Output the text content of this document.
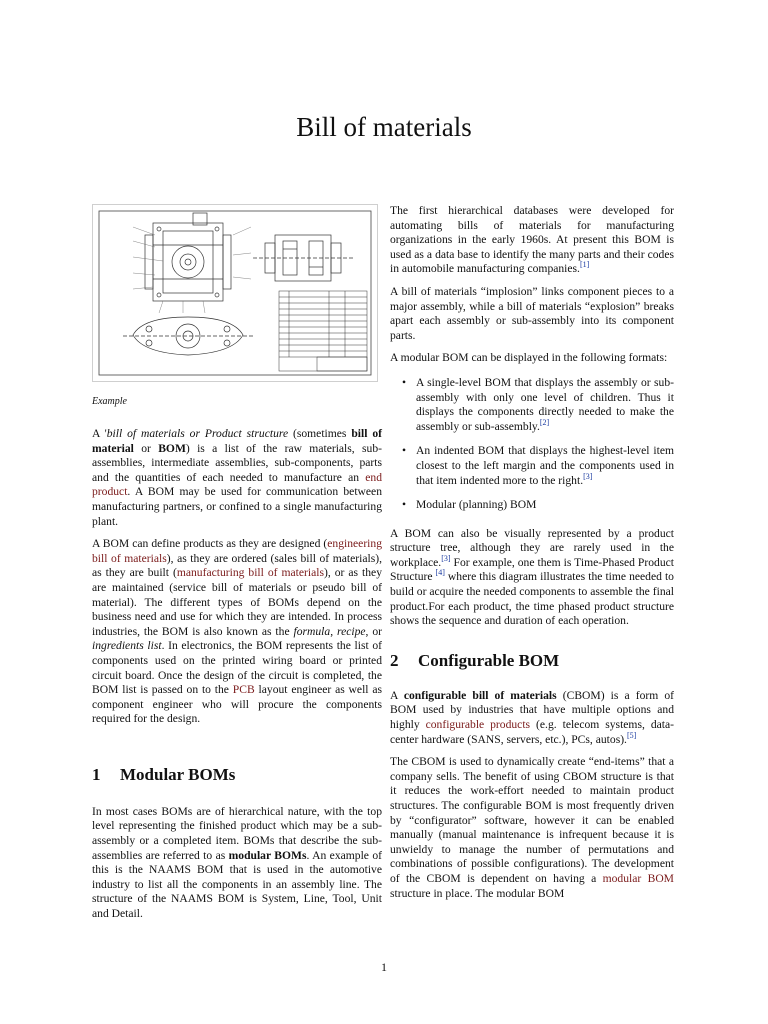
Bill of materials
Example

A 'bill of materials or Product structure (sometimes bill of material or BOM) is a list of the raw materials, sub-assemblies, intermediate assemblies, sub-components, parts and the quantities of each needed to manufacture an end product. A BOM may be used for communication between manufacturing partners, or confined to a single manufacturing plant.

A BOM can define products as they are designed (engineering bill of materials), as they are ordered (sales bill of materials), as they are built (manufacturing bill of materials), or as they are maintained (service bill of materials or pseudo bill of material). The different types of BOMs depend on the business need and use for which they are intended. In process industries, the BOM is also known as the formula, recipe, or ingredients list. In electronics, the BOM represents the list of components used on the printed wiring board or printed circuit board. Once the design of the circuit is completed, the BOM list is passed on to the PCB layout engineer as well as component engineer who will procure the components required for the design.

1 Modular BOMs

In most cases BOMs are of hierarchical nature, with the top level representing the finished product which may be a sub-assembly or a completed item. BOMs that describe the sub-assemblies are referred to as modular BOMs. An example of this is the NAAMS BOM that is used in the automotive industry to list all the components in an assembly line. The structure of the NAAMS BOM is System, Line, Tool, Unit and Detail.

The first hierarchical databases were developed for automating bills of materials for manufacturing organizations in the early 1960s. At present this BOM is used as a data base to identify the many parts and their codes in automobile manufacturing companies.[1]

A bill of materials “implosion” links component pieces to a major assembly, while a bill of materials “explosion” breaks apart each assembly or sub-assembly into its component parts.

A modular BOM can be displayed in the following formats:

• A single-level BOM that displays the assembly or sub-assembly with only one level of children. Thus it displays the components directly needed to make the assembly or sub-assembly.[2]
• An indented BOM that displays the highest-level item closest to the left margin and the components used in that item indented more to the right.[3]
• Modular (planning) BOM

A BOM can also be visually represented by a product structure tree, although they are rarely used in the workplace.[3] For example, one them is Time-Phased Product Structure [4] where this diagram illustrates the time needed to build or acquire the needed components to assemble the final product.For each product, the time phased product structure shows the sequence and duration of each operation.

2 Configurable BOM

A configurable bill of materials (CBOM) is a form of BOM used by industries that have multiple options and highly configurable products (e.g. telecom systems, data-center hardware (SANS, servers, etc.), PCs, autos).[5]

The CBOM is used to dynamically create “end-items” that a company sells. The benefit of using CBOM structure is that it reduces the work-effort needed to maintain product structures. The configurable BOM is most frequently driven by “configurator” software, however it can be enabled manually (manual maintenance is infrequent because it is unwieldy to manage the number of permutations and combinations of possible configurations). The development of the CBOM is dependent on having a modular BOM structure in place. The modular BOM

1
